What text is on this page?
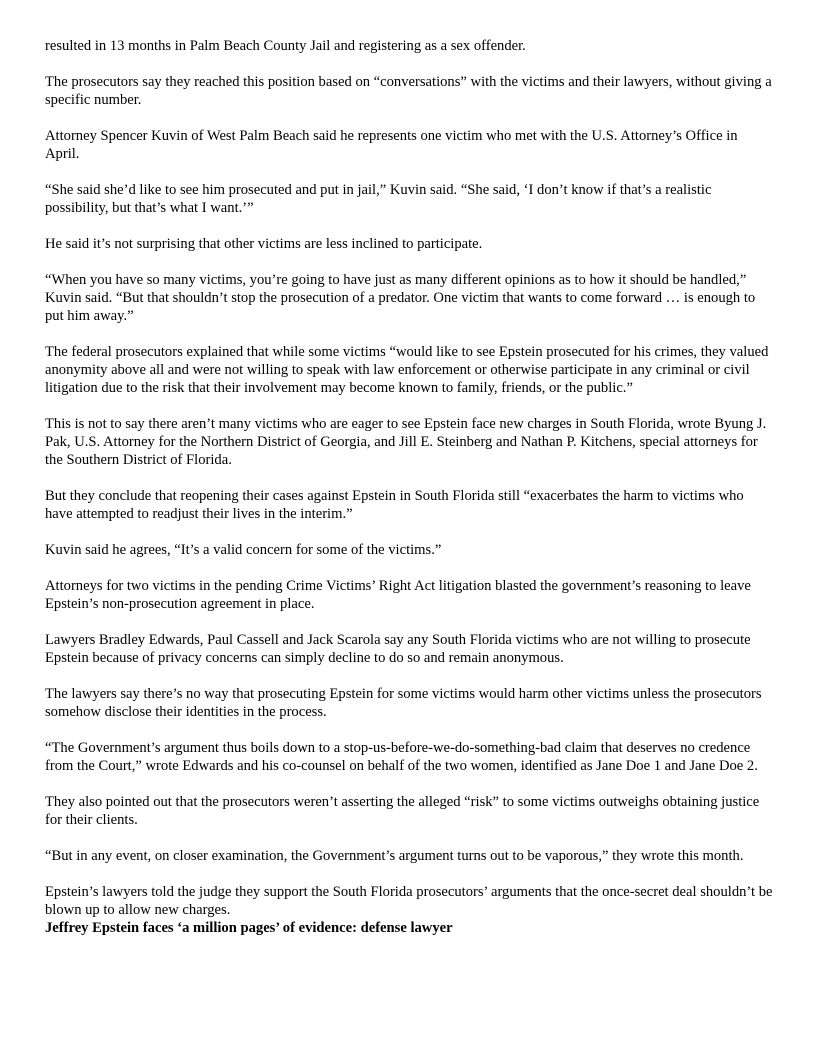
resulted in 13 months in Palm Beach County Jail and registering as a sex offender.

The prosecutors say they reached this position based on “conversations” with the victims and their lawyers, without giving a specific number.

Attorney Spencer Kuvin of West Palm Beach said he represents one victim who met with the U.S. Attorney’s Office in April.

“She said she’d like to see him prosecuted and put in jail,” Kuvin said. “She said, ‘I don’t know if that’s a realistic possibility, but that’s what I want.’”

He said it’s not surprising that other victims are less inclined to participate.

“When you have so many victims, you’re going to have just as many different opinions as to how it should be handled,” Kuvin said. “But that shouldn’t stop the prosecution of a predator. One victim that wants to come forward … is enough to put him away.”

The federal prosecutors explained that while some victims “would like to see Epstein prosecuted for his crimes, they valued anonymity above all and were not willing to speak with law enforcement or otherwise participate in any criminal or civil litigation due to the risk that their involvement may become known to family, friends, or the public.”

This is not to say there aren’t many victims who are eager to see Epstein face new charges in South Florida, wrote Byung J. Pak, U.S. Attorney for the Northern District of Georgia, and Jill E. Steinberg and Nathan P. Kitchens, special attorneys for the Southern District of Florida.

But they conclude that reopening their cases against Epstein in South Florida still “exacerbates the harm to victims who have attempted to readjust their lives in the interim.”

Kuvin said he agrees, “It’s a valid concern for some of the victims.”

Attorneys for two victims in the pending Crime Victims’ Right Act litigation blasted the government’s reasoning to leave Epstein’s non-prosecution agreement in place.

Lawyers Bradley Edwards, Paul Cassell and Jack Scarola say any South Florida victims who are not willing to prosecute Epstein because of privacy concerns can simply decline to do so and remain anonymous.

The lawyers say there’s no way that prosecuting Epstein for some victims would harm other victims unless the prosecutors somehow disclose their identities in the process.

“The Government’s argument thus boils down to a stop-us-before-we-do-something-bad claim that deserves no credence from the Court,” wrote Edwards and his co-counsel on behalf of the two women, identified as Jane Doe 1 and Jane Doe 2.

They also pointed out that the prosecutors weren’t asserting the alleged “risk” to some victims outweighs obtaining justice for their clients.

“But in any event, on closer examination, the Government’s argument turns out to be vaporous,” they wrote this month.

Epstein’s lawyers told the judge they support the South Florida prosecutors’ arguments that the once-secret deal shouldn’t be blown up to allow new charges.

Jeffrey Epstein faces ‘a million pages’ of evidence: defense lawyer
